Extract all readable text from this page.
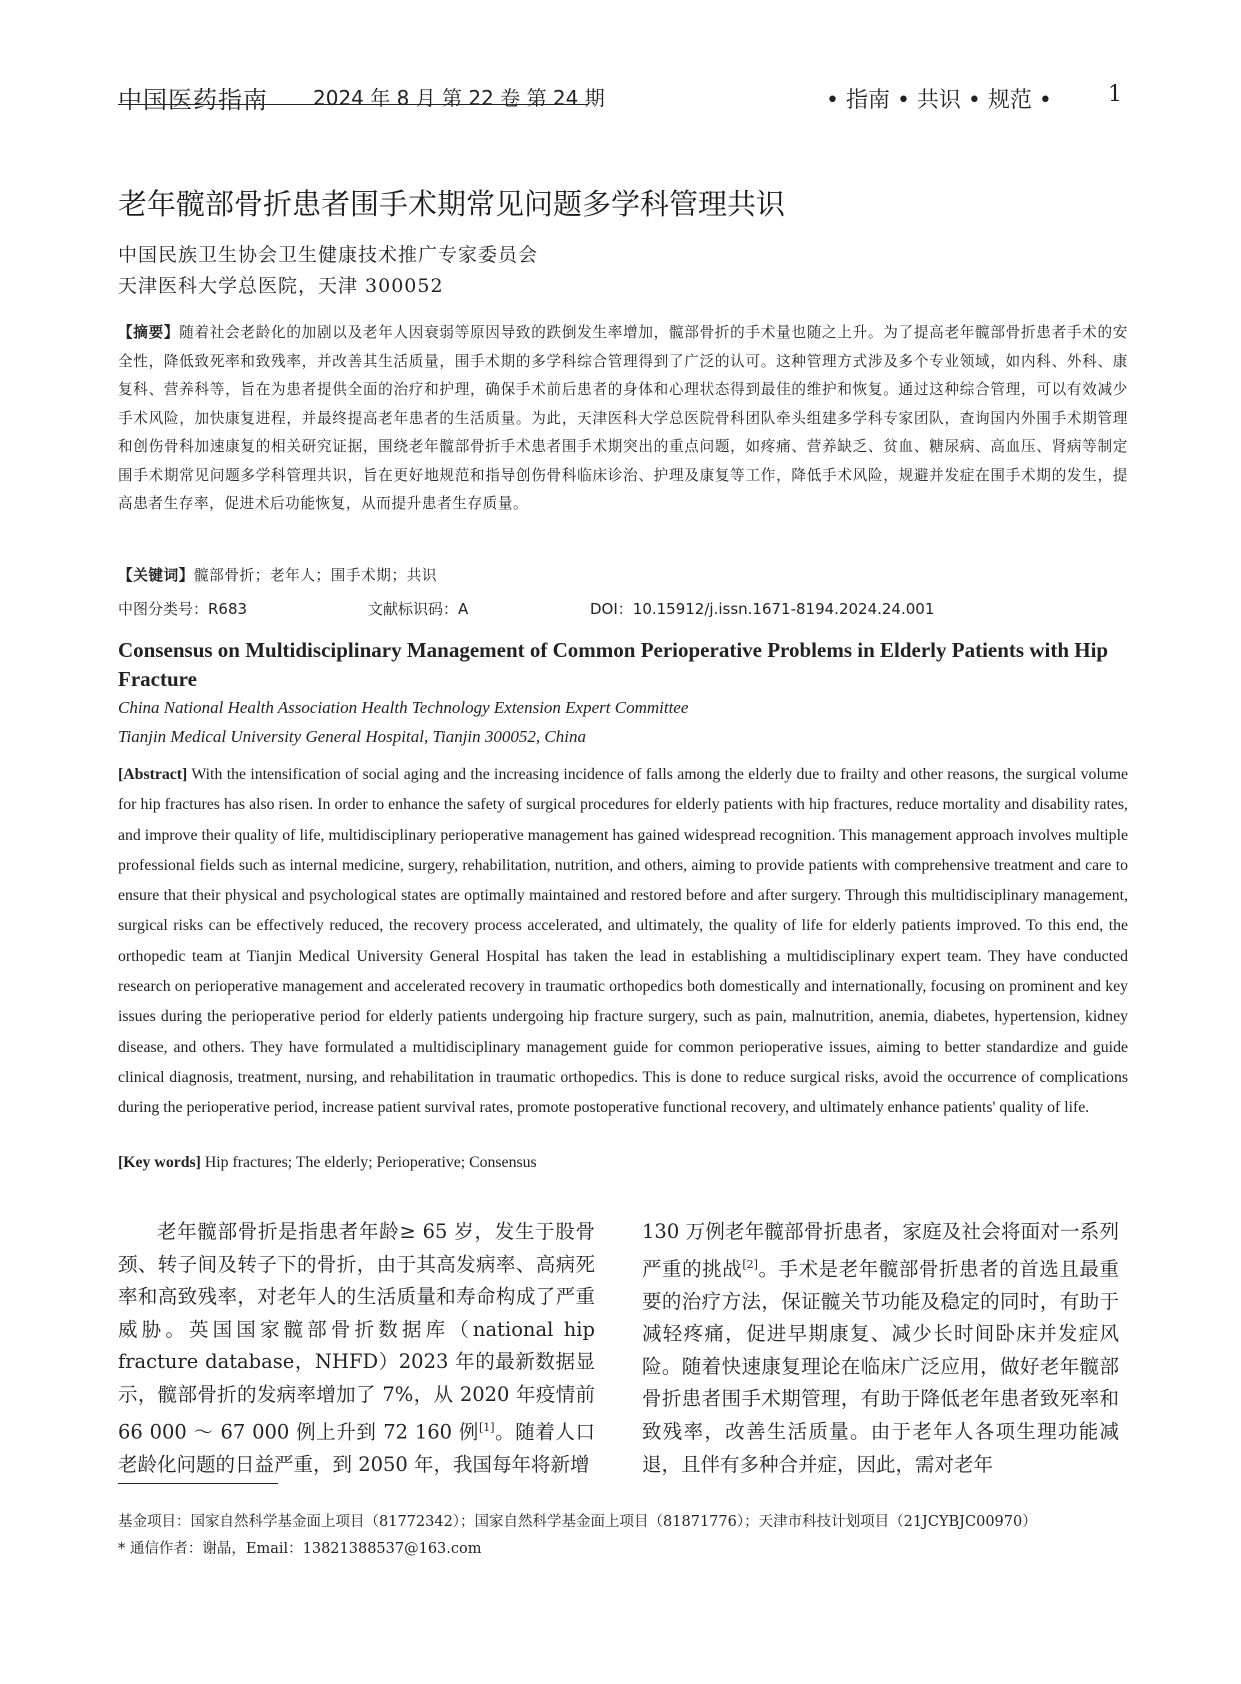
中国医药指南 2024 年 8 月 第 22 卷 第 24 期	• 指南 • 共识 • 规范 •	1
老年髋部骨折患者围手术期常见问题多学科管理共识
中国民族卫生协会卫生健康技术推广专家委员会
天津医科大学总医院，天津 300052
【摘要】随着社会老龄化的加剧以及老年人因衰弱等原因导致的跌倒发生率增加，髋部骨折的手术量也随之上升。为了提高老年髋部骨折患者手术的安全性，降低致死率和致残率，并改善其生活质量，围手术期的多学科综合管理得到了广泛的认可。这种管理方式涉及多个专业领域，如内科、外科、康复科、营养科等，旨在为患者提供全面的治疗和护理，确保手术前后患者的身体和心理状态得到最佳的维护和恢复。通过这种综合管理，可以有效减少手术风险，加快康复进程，并最终提高老年患者的生活质量。为此，天津医科大学总医院骨科团队牵头组建多学科专家团队，查询国内外围手术期管理和创伤骨科加速康复的相关研究证据，围绕老年髋部骨折手术患者围手术期突出的重点问题，如疼痛、营养缺乏、贫血、糖尿病、高血压、肾病等制定围手术期常见问题多学科管理共识，旨在更好地规范和指导创伤骨科临床诊治、护理及康复等工作，降低手术风险，规避并发症在围手术期的发生，提高患者生存率，促进术后功能恢复，从而提升患者生存质量。
【关键词】髋部骨折；老年人；围手术期；共识
中图分类号：R683	文献标识码：A	DOI：10.15912/j.issn.1671-8194.2024.24.001
Consensus on Multidisciplinary Management of Common Perioperative Problems in Elderly Patients with Hip Fracture
China National Health Association Health Technology Extension Expert Committee
Tianjin Medical University General Hospital, Tianjin 300052, China
[Abstract] With the intensification of social aging and the increasing incidence of falls among the elderly due to frailty and other reasons, the surgical volume for hip fractures has also risen. In order to enhance the safety of surgical procedures for elderly patients with hip fractures, reduce mortality and disability rates, and improve their quality of life, multidisciplinary perioperative management has gained widespread recognition. This management approach involves multiple professional fields such as internal medicine, surgery, rehabilitation, nutrition, and others, aiming to provide patients with comprehensive treatment and care to ensure that their physical and psychological states are optimally maintained and restored before and after surgery. Through this multidisciplinary management, surgical risks can be effectively reduced, the recovery process accelerated, and ultimately, the quality of life for elderly patients improved. To this end, the orthopedic team at Tianjin Medical University General Hospital has taken the lead in establishing a multidisciplinary expert team. They have conducted research on perioperative management and accelerated recovery in traumatic orthopedics both domestically and internationally, focusing on prominent and key issues during the perioperative period for elderly patients undergoing hip fracture surgery, such as pain, malnutrition, anemia, diabetes, hypertension, kidney disease, and others. They have formulated a multidisciplinary management guide for common perioperative issues, aiming to better standardize and guide clinical diagnosis, treatment, nursing, and rehabilitation in traumatic orthopedics. This is done to reduce surgical risks, avoid the occurrence of complications during the perioperative period, increase patient survival rates, promote postoperative functional recovery, and ultimately enhance patients' quality of life.
[Key words] Hip fractures; The elderly; Perioperative; Consensus
老年髋部骨折是指患者年龄≥ 65 岁，发生于股骨颈、转子间及转子下的骨折，由于其高发病率、高病死率和高致残率，对老年人的生活质量和寿命构成了严重威胁。英国国家髋部骨折数据库（national hip fracture database，NHFD）2023 年的最新数据显示，髋部骨折的发病率增加了 7%，从 2020 年疫情前 66 000 ～ 67 000 例上升到 72 160 例[1]。随着人口老龄化问题的日益严重，到 2050 年，我国每年将新增
130 万例老年髋部骨折患者，家庭及社会将面对一系列严重的挑战[2]。手术是老年髋部骨折患者的首选且最重要的治疗方法，保证髋关节功能及稳定的同时，有助于减轻疼痛，促进早期康复、减少长时间卧床并发症风险。随着快速康复理论在临床广泛应用，做好老年髋部骨折患者围手术期管理，有助于降低老年患者致死率和致残率，改善生活质量。由于老年人各项生理功能减退，且伴有多种合并症，因此，需对老年
基金项目：国家自然科学基金面上项目（81772342）；国家自然科学基金面上项目（81871776）；天津市科技计划项目（21JCYBJC00970）
* 通信作者：谢晶，Email：13821388537@163.com
